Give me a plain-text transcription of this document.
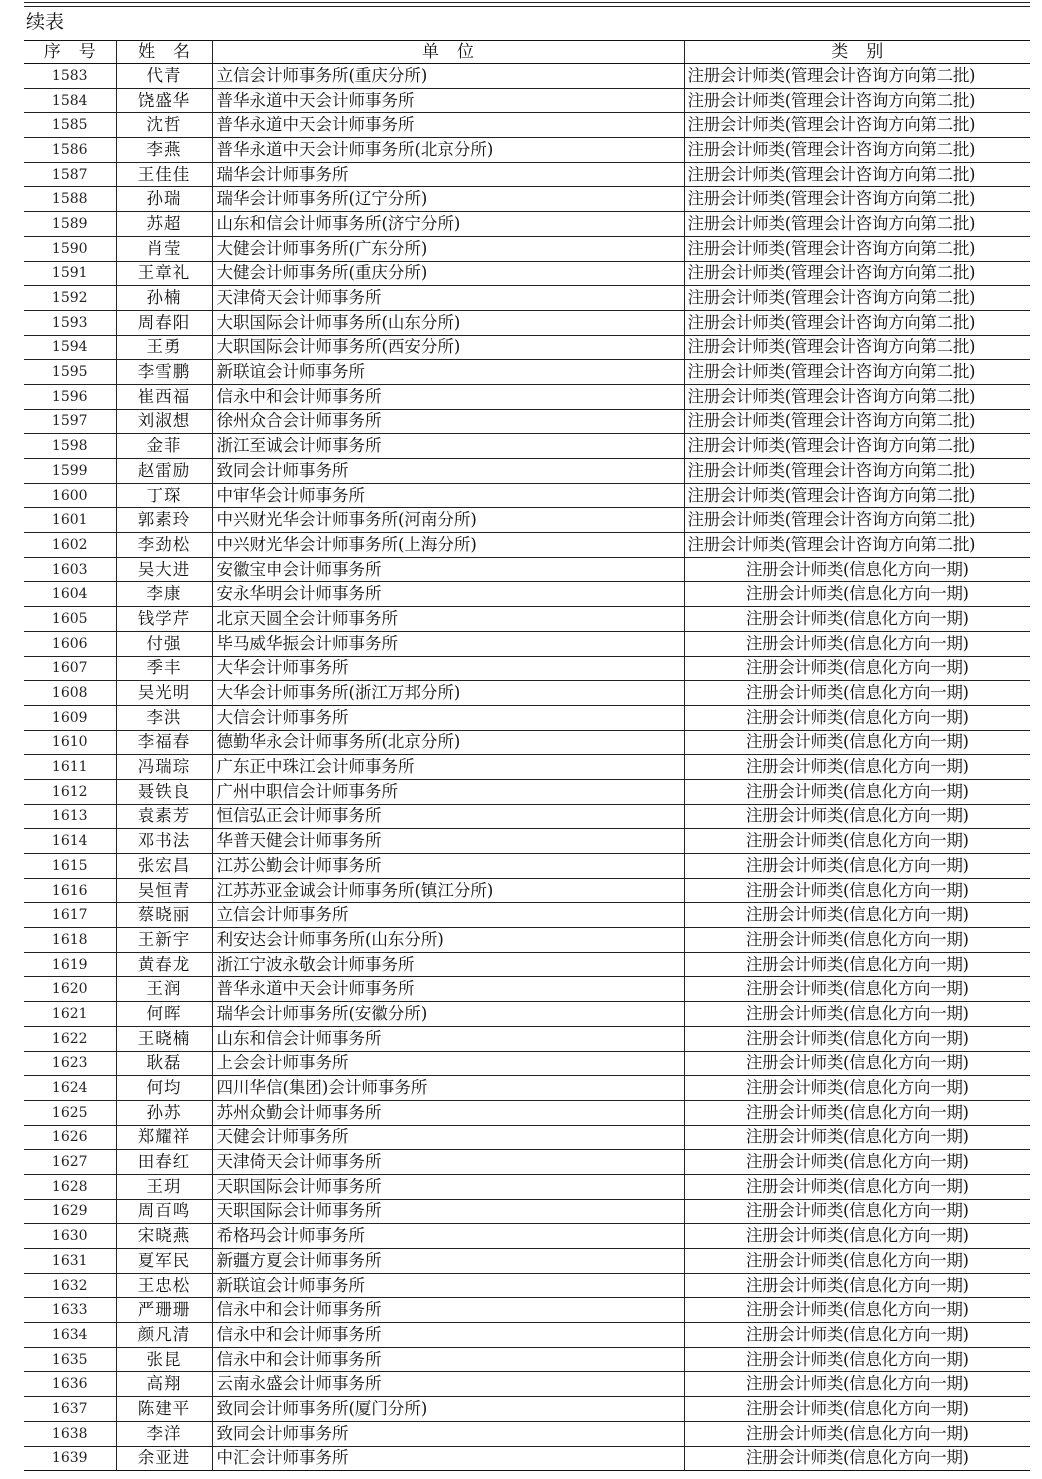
续表
序号	姓名	单位	类别
1583	代青	立信会计师事务所(重庆分所)	注册会计师类(管理会计咨询方向第二批)
1584	饶盛华	普华永道中天会计师事务所	注册会计师类(管理会计咨询方向第二批)
1585	沈哲	普华永道中天会计师事务所	注册会计师类(管理会计咨询方向第二批)
1586	李燕	普华永道中天会计师事务所(北京分所)	注册会计师类(管理会计咨询方向第二批)
1587	王佳佳	瑞华会计师事务所	注册会计师类(管理会计咨询方向第二批)
1588	孙瑞	瑞华会计师事务所(辽宁分所)	注册会计师类(管理会计咨询方向第二批)
1589	苏超	山东和信会计师事务所(济宁分所)	注册会计师类(管理会计咨询方向第二批)
1590	肖莹	大健会计师事务所(广东分所)	注册会计师类(管理会计咨询方向第二批)
1591	王章礼	大健会计师事务所(重庆分所)	注册会计师类(管理会计咨询方向第二批)
1592	孙楠	天津倚天会计师事务所	注册会计师类(管理会计咨询方向第二批)
1593	周春阳	大职国际会计师事务所(山东分所)	注册会计师类(管理会计咨询方向第二批)
1594	王勇	大职国际会计师事务所(西安分所)	注册会计师类(管理会计咨询方向第二批)
1595	李雪鹏	新联谊会计师事务所	注册会计师类(管理会计咨询方向第二批)
1596	崔西福	信永中和会计师事务所	注册会计师类(管理会计咨询方向第二批)
1597	刘淑想	徐州众合会计师事务所	注册会计师类(管理会计咨询方向第二批)
1598	金菲	浙江至诚会计师事务所	注册会计师类(管理会计咨询方向第二批)
1599	赵雷励	致同会计师事务所	注册会计师类(管理会计咨询方向第二批)
1600	丁琛	中审华会计师事务所	注册会计师类(管理会计咨询方向第二批)
1601	郭素玲	中兴财光华会计师事务所(河南分所)	注册会计师类(管理会计咨询方向第二批)
1602	李劲松	中兴财光华会计师事务所(上海分所)	注册会计师类(管理会计咨询方向第二批)
1603	吴大进	安徽宝申会计师事务所	注册会计师类(信息化方向一期)
1604	李康	安永华明会计师事务所	注册会计师类(信息化方向一期)
1605	钱学芹	北京天圆全会计师事务所	注册会计师类(信息化方向一期)
1606	付强	毕马威华振会计师事务所	注册会计师类(信息化方向一期)
1607	季丰	大华会计师事务所	注册会计师类(信息化方向一期)
1608	吴光明	大华会计师事务所(浙江万邦分所)	注册会计师类(信息化方向一期)
1609	李洪	大信会计师事务所	注册会计师类(信息化方向一期)
1610	李福春	德勤华永会计师事务所(北京分所)	注册会计师类(信息化方向一期)
1611	冯瑞琮	广东正中珠江会计师事务所	注册会计师类(信息化方向一期)
1612	聂铁良	广州中职信会计师事务所	注册会计师类(信息化方向一期)
1613	袁素芳	恒信弘正会计师事务所	注册会计师类(信息化方向一期)
1614	邓书法	华普天健会计师事务所	注册会计师类(信息化方向一期)
1615	张宏昌	江苏公勤会计师事务所	注册会计师类(信息化方向一期)
1616	吴恒青	江苏苏亚金诚会计师事务所(镇江分所)	注册会计师类(信息化方向一期)
1617	蔡晓丽	立信会计师事务所	注册会计师类(信息化方向一期)
1618	王新宇	利安达会计师事务所(山东分所)	注册会计师类(信息化方向一期)
1619	黄春龙	浙江宁波永敬会计师事务所	注册会计师类(信息化方向一期)
1620	王润	普华永道中天会计师事务所	注册会计师类(信息化方向一期)
1621	何晖	瑞华会计师事务所(安徽分所)	注册会计师类(信息化方向一期)
1622	王晓楠	山东和信会计师事务所	注册会计师类(信息化方向一期)
1623	耿磊	上会会计师事务所	注册会计师类(信息化方向一期)
1624	何均	四川华信(集团)会计师事务所	注册会计师类(信息化方向一期)
1625	孙苏	苏州众勤会计师事务所	注册会计师类(信息化方向一期)
1626	郑耀祥	天健会计师事务所	注册会计师类(信息化方向一期)
1627	田春红	天津倚天会计师事务所	注册会计师类(信息化方向一期)
1628	王玥	天职国际会计师事务所	注册会计师类(信息化方向一期)
1629	周百鸣	天职国际会计师事务所	注册会计师类(信息化方向一期)
1630	宋晓燕	希格玛会计师事务所	注册会计师类(信息化方向一期)
1631	夏军民	新疆方夏会计师事务所	注册会计师类(信息化方向一期)
1632	王忠松	新联谊会计师事务所	注册会计师类(信息化方向一期)
1633	严珊珊	信永中和会计师事务所	注册会计师类(信息化方向一期)
1634	颜凡清	信永中和会计师事务所	注册会计师类(信息化方向一期)
1635	张昆	信永中和会计师事务所	注册会计师类(信息化方向一期)
1636	高翔	云南永盛会计师事务所	注册会计师类(信息化方向一期)
1637	陈建平	致同会计师事务所(厦门分所)	注册会计师类(信息化方向一期)
1638	李洋	致同会计师事务所	注册会计师类(信息化方向一期)
1639	余亚进	中汇会计师事务所	注册会计师类(信息化方向一期)
